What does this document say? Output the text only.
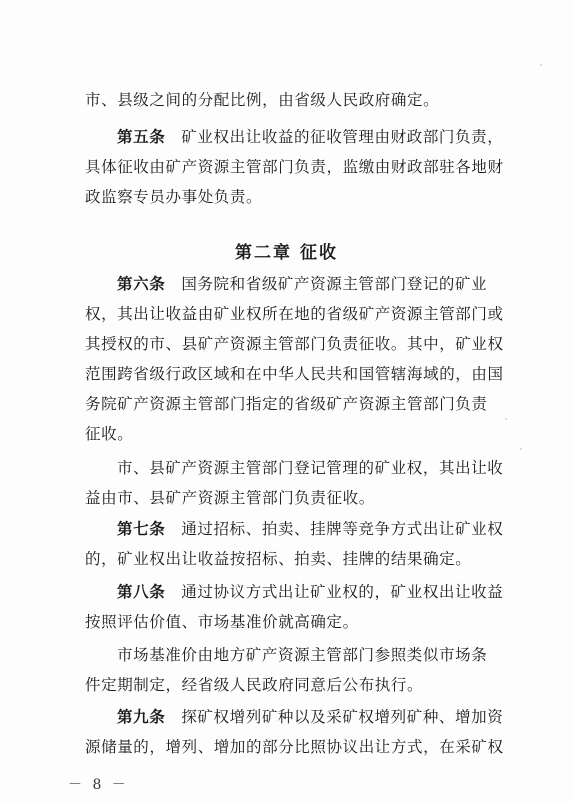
市、县级之间的分配比例，由省级人民政府确定。
第五条 矿业权出让收益的征收管理由财政部门负责，
具体征收由矿产资源主管部门负责，监缴由财政部驻各地财
政监察专员办事处负责。
第二章 征收
第六条 国务院和省级矿产资源主管部门登记的矿业
权，其出让收益由矿业权所在地的省级矿产资源主管部门或
其授权的市、县矿产资源主管部门负责征收。其中，矿业权
范围跨省级行政区域和在中华人民共和国管辖海域的，由国
务院矿产资源主管部门指定的省级矿产资源主管部门负责
征收。
市、县矿产资源主管部门登记管理的矿业权，其出让收
益由市、县矿产资源主管部门负责征收。
第七条 通过招标、拍卖、挂牌等竞争方式出让矿业权
的，矿业权出让收益按招标、拍卖、挂牌的结果确定。
第八条 通过协议方式出让矿业权的，矿业权出让收益
按照评估价值、市场基准价就高确定。
市场基准价由地方矿产资源主管部门参照类似市场条
件定期制定，经省级人民政府同意后公布执行。
第九条 探矿权增列矿种以及采矿权增列矿种、增加资
源储量的，增列、增加的部分比照协议出让方式，在采矿权
－ 8 －
